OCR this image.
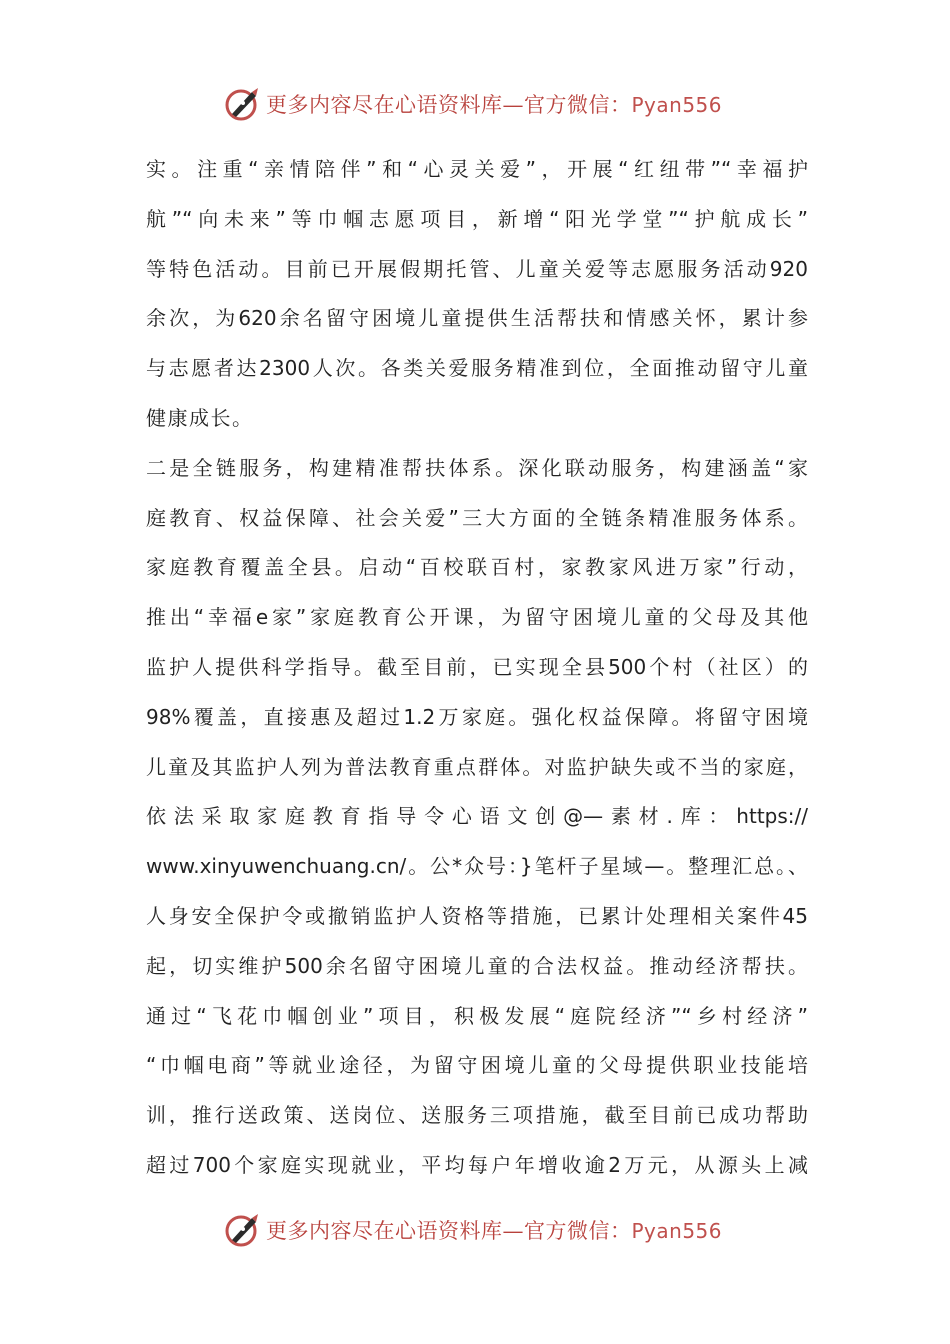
更多内容尽在心语资料库—官方微信：Pyan556
实。注重“亲情陪伴”和“心灵关爱”，开展“红纽带”“幸福护
航”“向未来”等巾帼志愿项目，新增“阳光学堂”“护航成长”
等特色活动。目前已开展假期托管、儿童关爱等志愿服务活动920
余次，为620余名留守困境儿童提供生活帮扶和情感关怀，累计参
与志愿者达2300人次。各类关爱服务精准到位，全面推动留守儿童
健康成长。
二是全链服务，构建精准帮扶体系。深化联动服务，构建涵盖“家
庭教育、权益保障、社会关爱”三大方面的全链条精准服务体系。
家庭教育覆盖全县。启动“百校联百村，家教家风进万家”行动，
推出“幸福e家”家庭教育公开课，为留守困境儿童的父母及其他
监护人提供科学指导。截至目前，已实现全县500个村（社区）的
98%覆盖，直接惠及超过1.2万家庭。强化权益保障。将留守困境
儿童及其监护人列为普法教育重点群体。对监护缺失或不当的家庭，
依法采取家庭教育指导令心语文创@—素材.库：https://
www.xinyuwenchuang.cn/。公*众号：}笔杆子星域—。整理汇总。、
人身安全保护令或撤销监护人资格等措施，已累计处理相关案件45
起，切实维护500余名留守困境儿童的合法权益。推动经济帮扶。
通过“飞花巾帼创业”项目，积极发展“庭院经济”“乡村经济”
“巾帼电商”等就业途径，为留守困境儿童的父母提供职业技能培
训，推行送政策、送岗位、送服务三项措施，截至目前已成功帮助
超过700个家庭实现就业，平均每户年增收逾2万元，从源头上减
更多内容尽在心语资料库—官方微信：Pyan556
